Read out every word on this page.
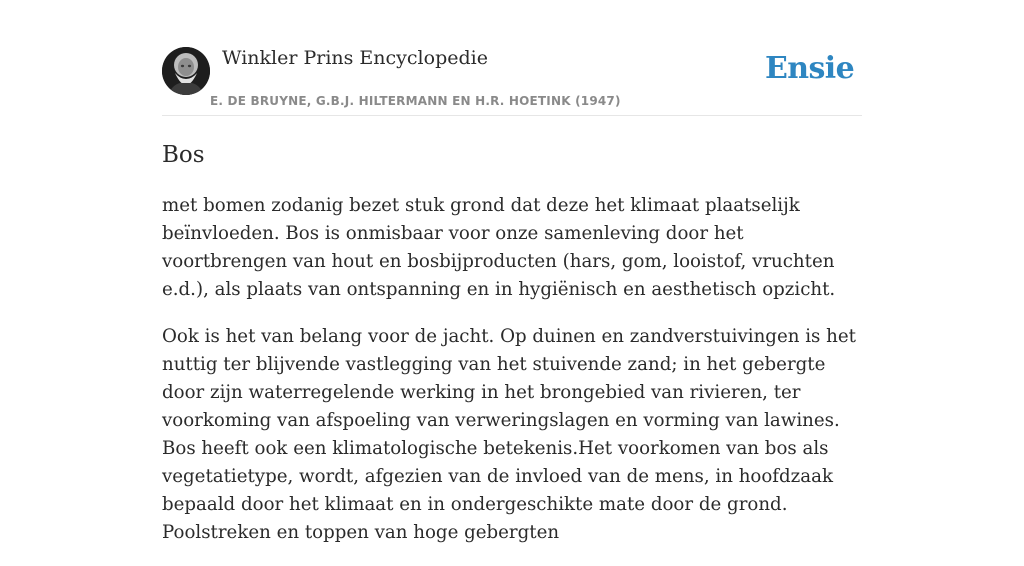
Winkler Prins Encyclopedie
E. DE BRUYNE, G.B.J. HILTERMANN EN H.R. HOETINK (1947)
Ensie
Bos

met bomen zodanig bezet stuk grond dat deze het klimaat plaatselijk beïnvloeden. Bos is onmisbaar voor onze samenleving door het voortbrengen van hout en bosbijproducten (hars, gom, looistof, vruchten e.d.), als plaats van ontspanning en in hygiënisch en aesthetisch opzicht.

Ook is het van belang voor de jacht. Op duinen en zandverstuivingen is het nuttig ter blijvende vastlegging van het stuivende zand; in het gebergte door zijn waterregelende werking in het brongebied van rivieren, ter voorkoming van afspoeling van verweringslagen en vorming van lawines. Bos heeft ook een klimatologische betekenis.Het voorkomen van bos als vegetatietype, wordt, afgezien van de invloed van de mens, in hoofdzaak bepaald door het klimaat en in ondergeschikte mate door de grond. Poolstreken en toppen van hoge gebergten
